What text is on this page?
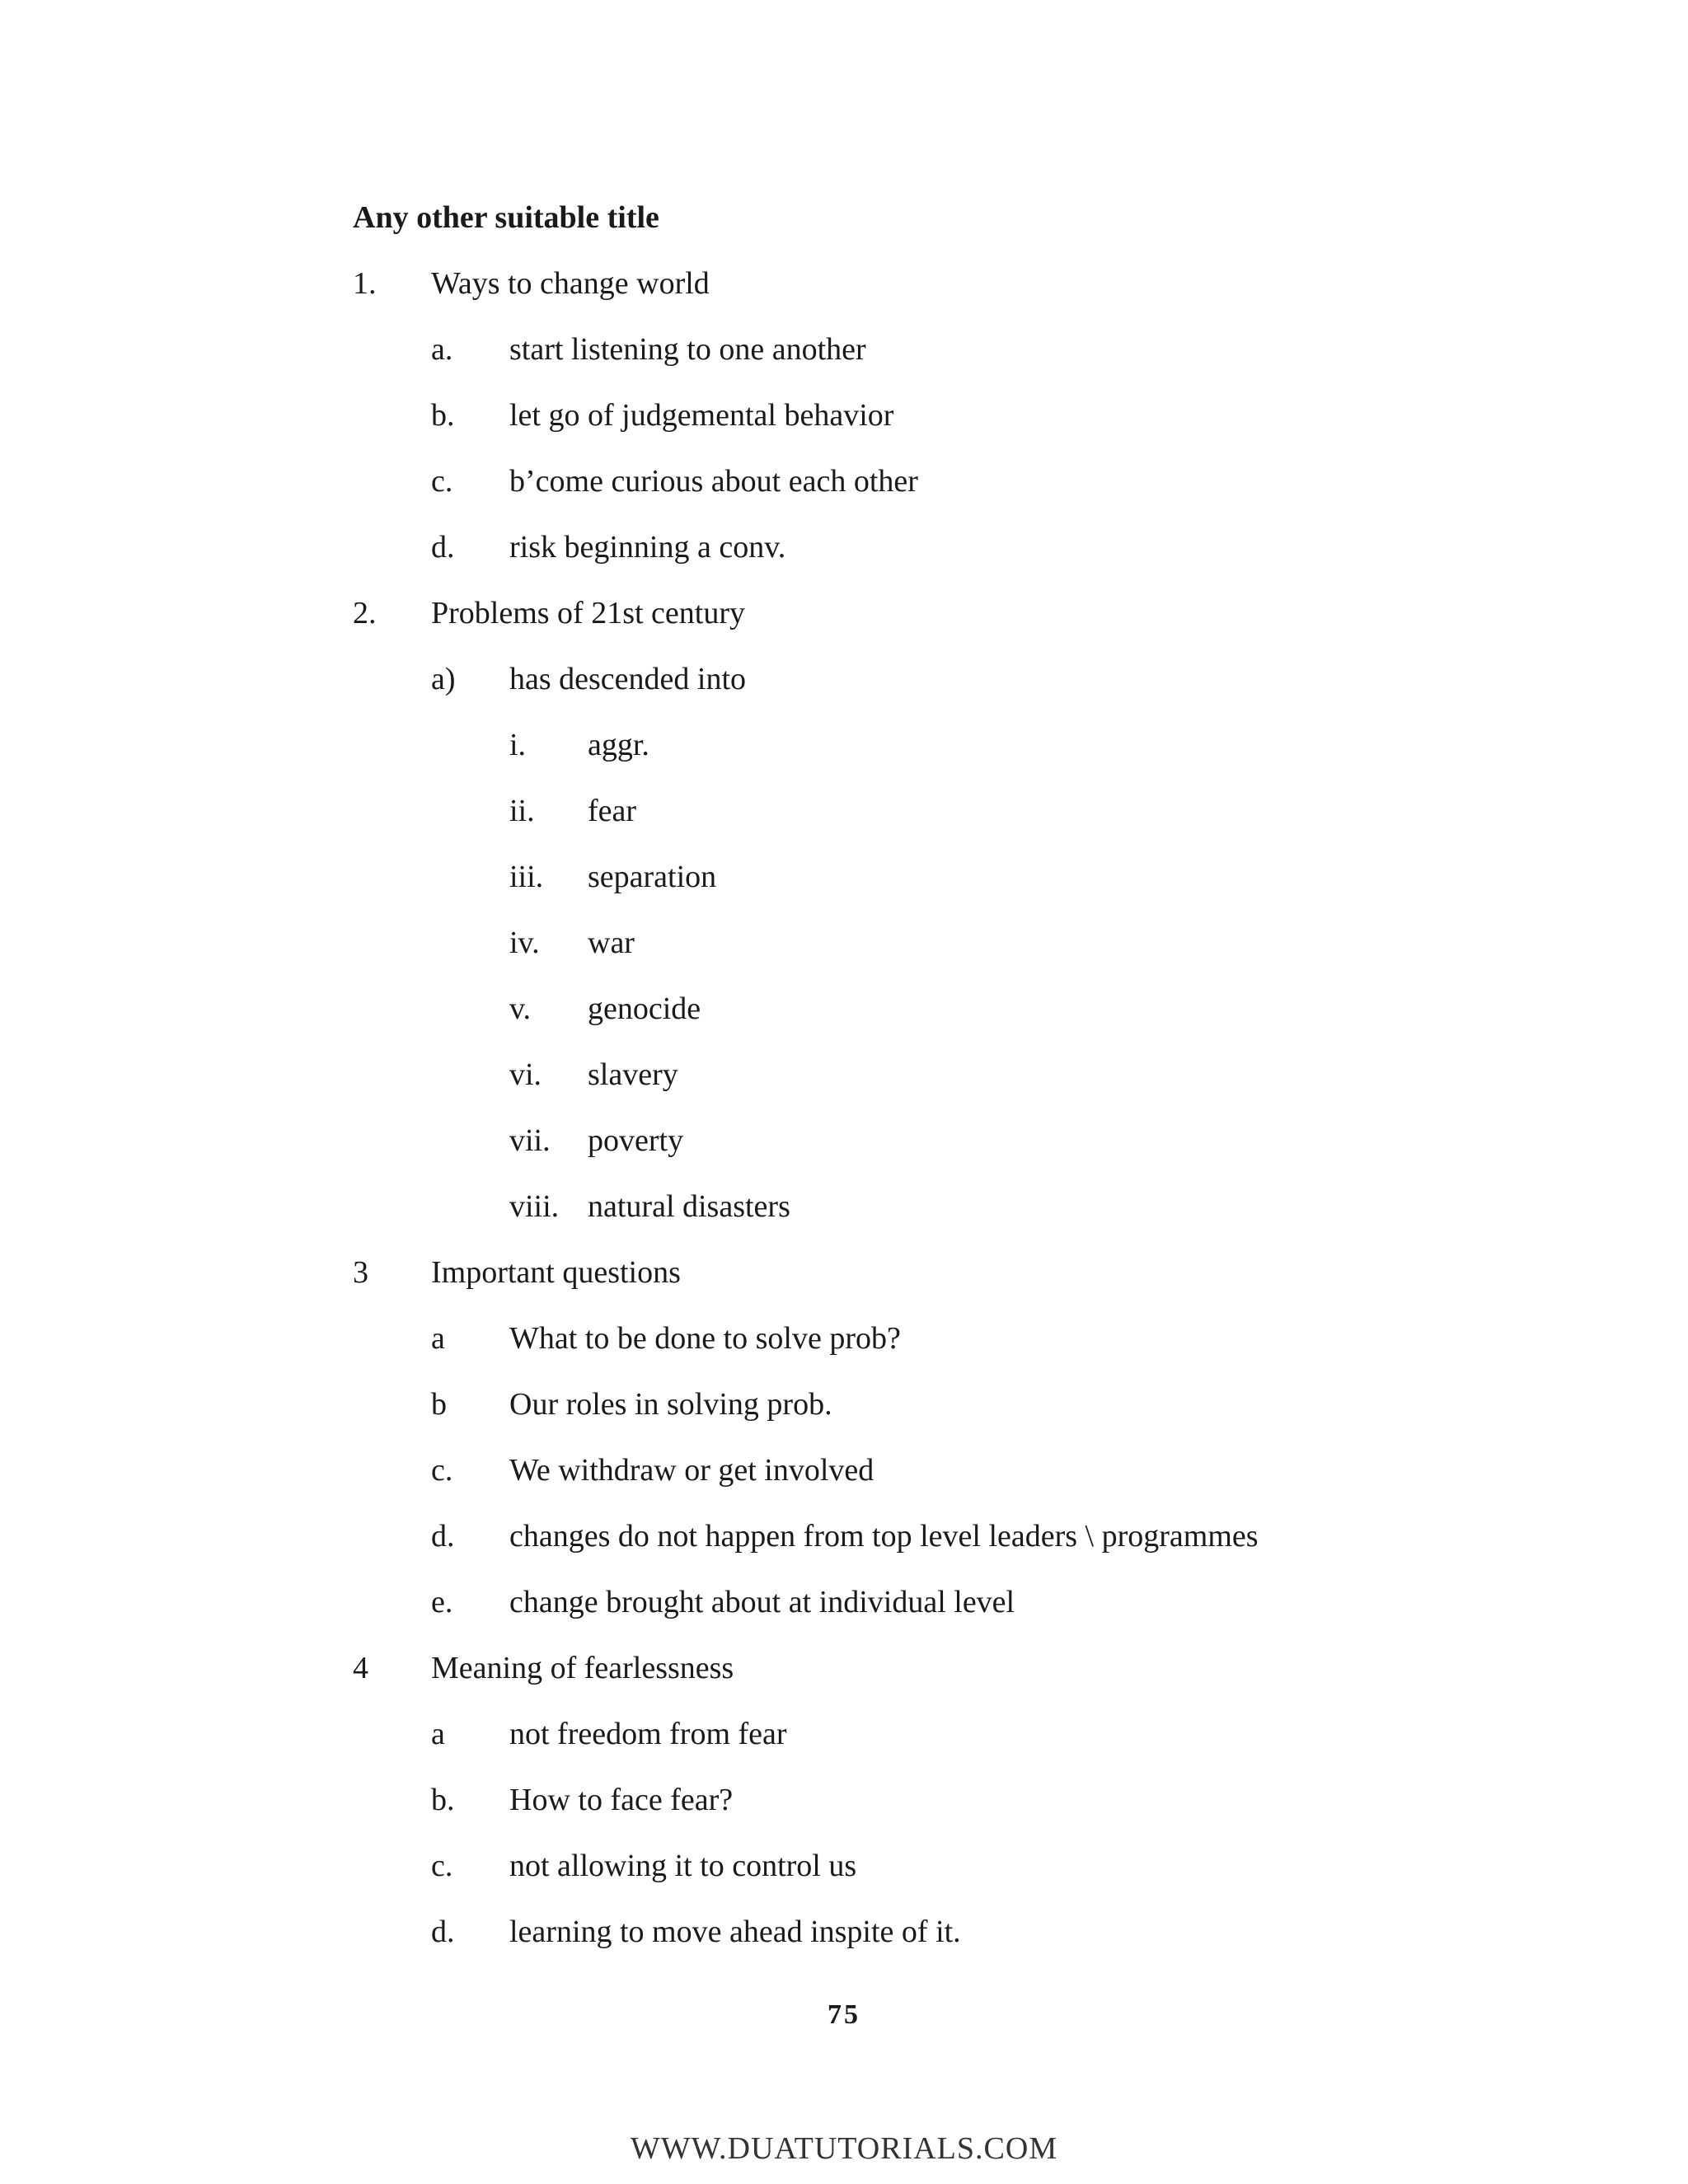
Any other suitable title
1. Ways to change world
a. start listening to one another
b. let go of judgemental behavior
c. b’come curious about each other
d. risk beginning a conv.
2. Problems of 21st century
a) has descended into
i. aggr.
ii. fear
iii. separation
iv. war
v. genocide
vi. slavery
vii. poverty
viii. natural disasters
3 Important questions
a What to be done to solve prob?
b Our roles in solving prob.
c. We withdraw or get involved
d. changes do not happen from top level leaders \ programmes
e. change brought about at individual level
4 Meaning of fearlessness
a not freedom from fear
b. How to face fear?
c. not allowing it to control us
d. learning to move ahead inspite of it.
75
WWW.DUATUTORIALS.COM
